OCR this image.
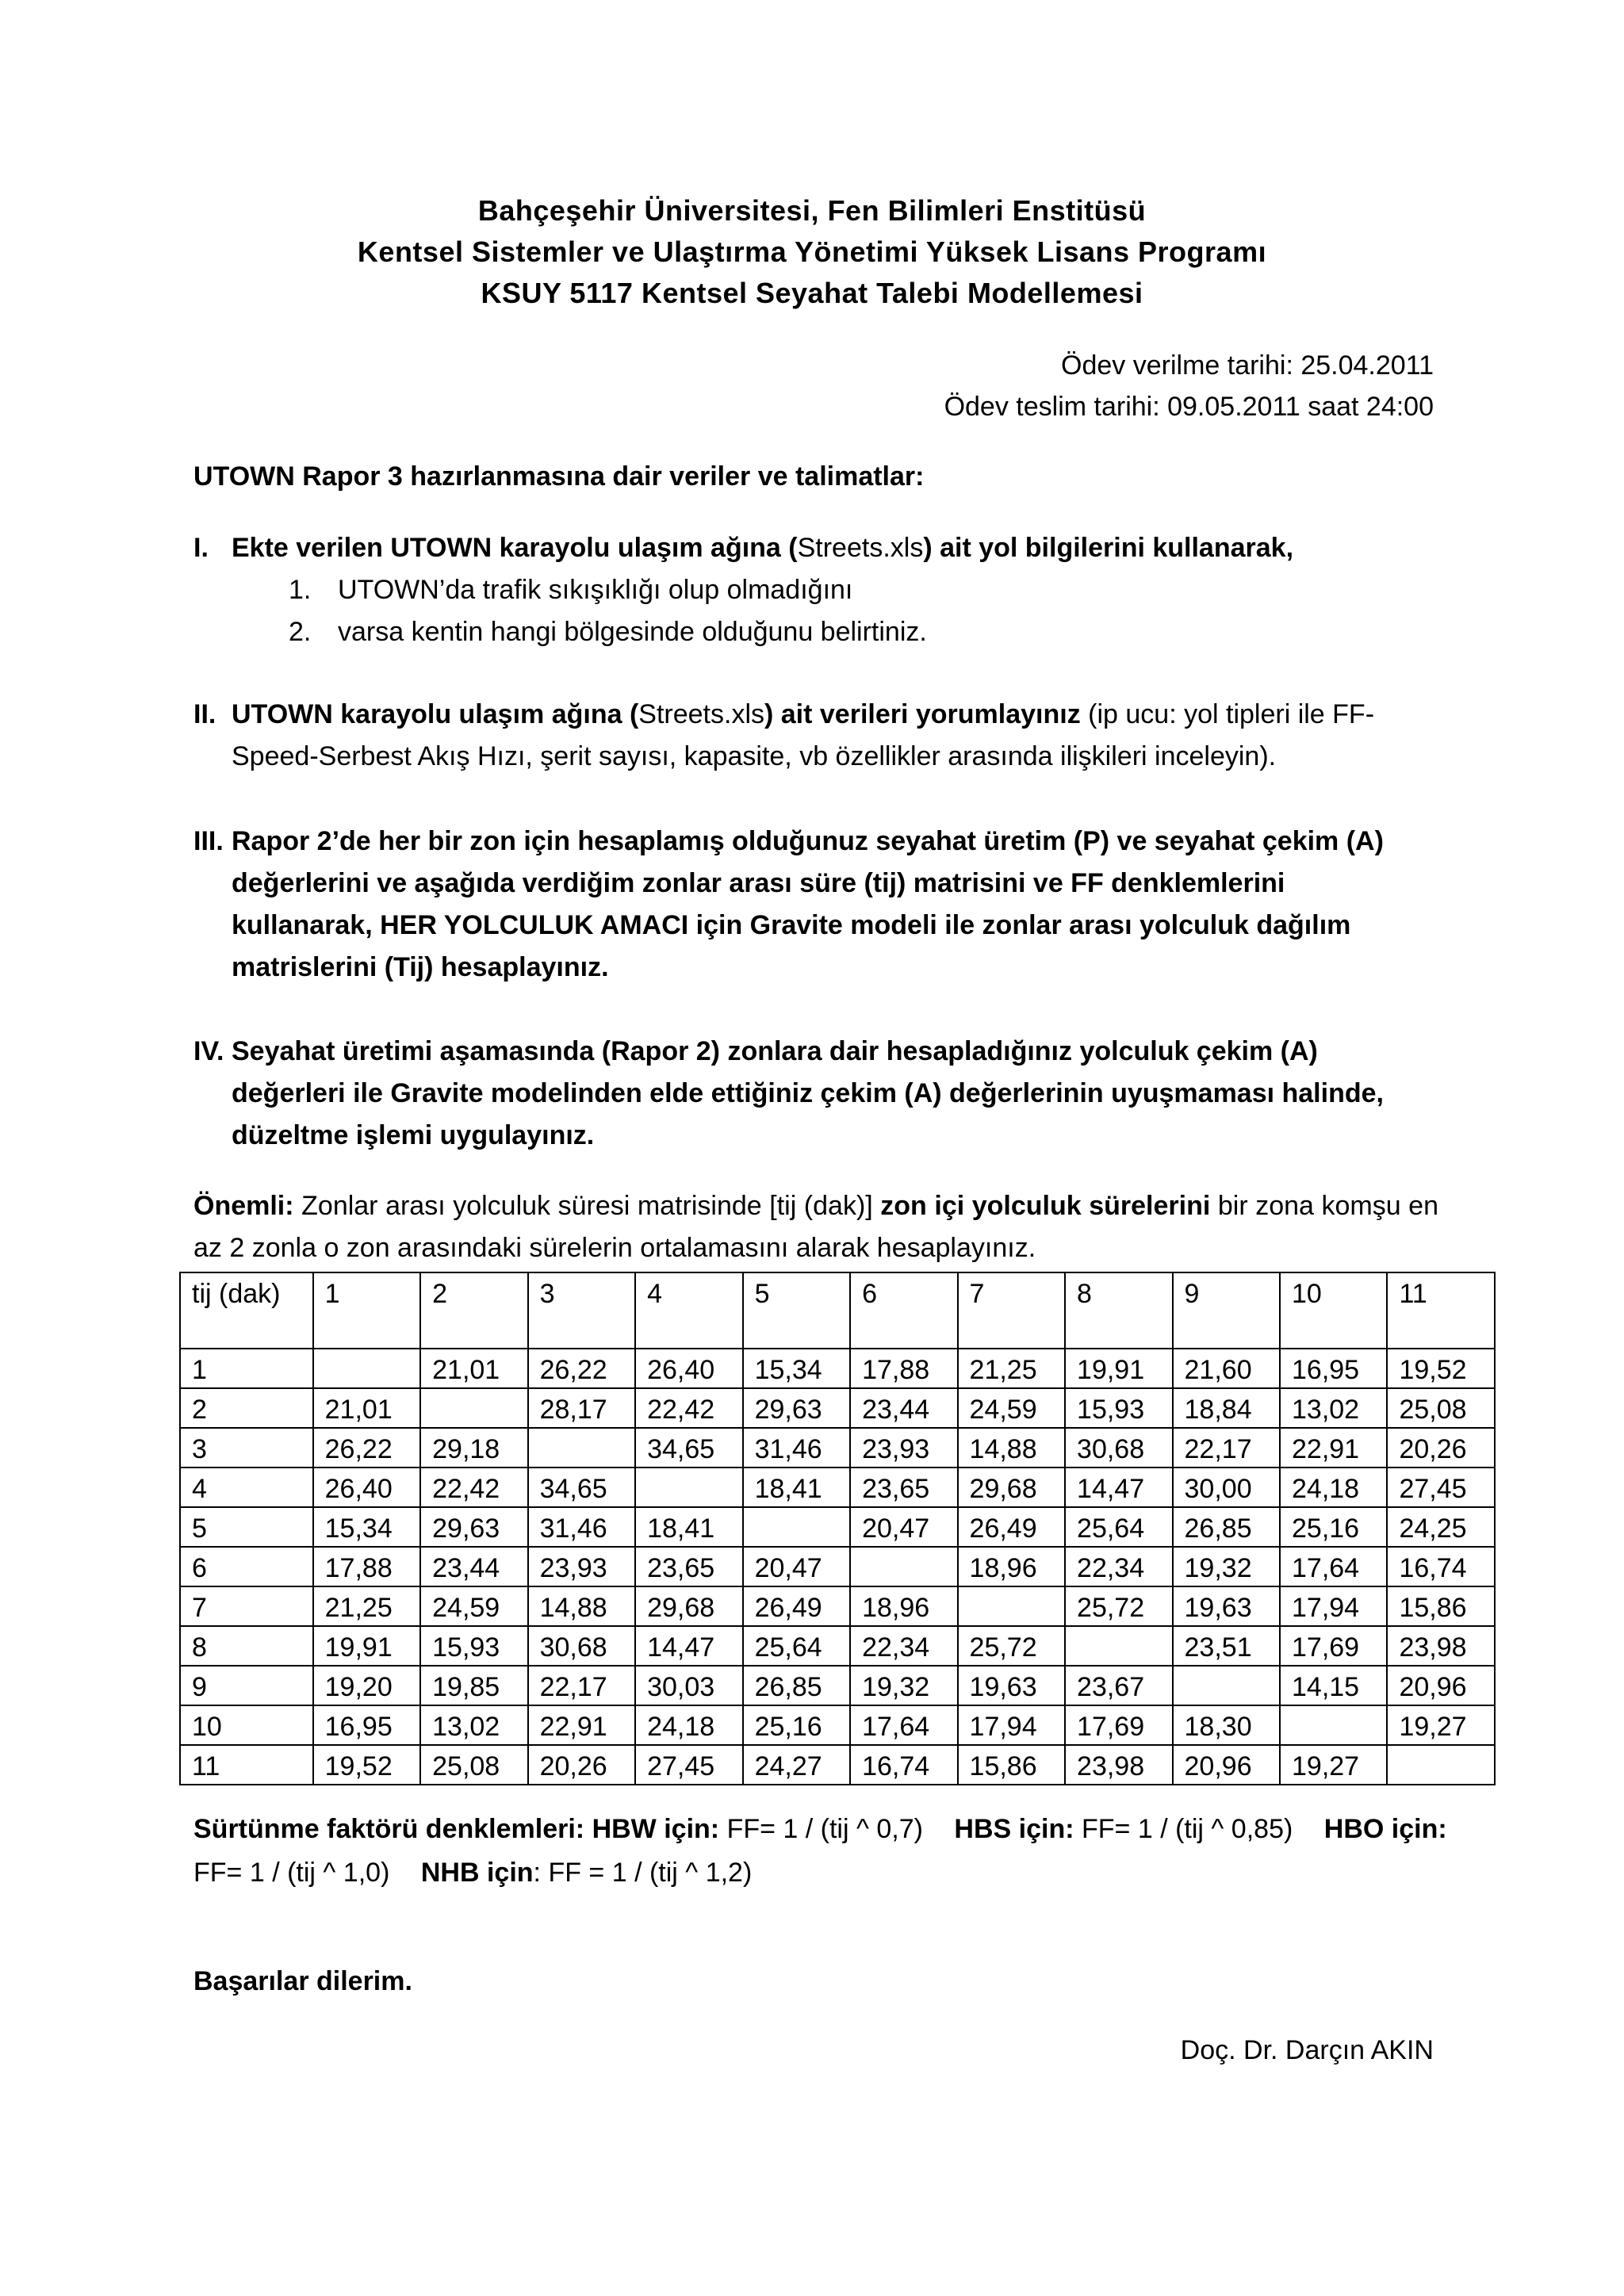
Bahçeşehir Üniversitesi, Fen Bilimleri Enstitüsü
Kentsel Sistemler ve Ulaştırma Yönetimi Yüksek Lisans Programı
KSUY 5117 Kentsel Seyahat Talebi Modellemesi
Ödev verilme tarihi: 25.04.2011
Ödev teslim tarihi: 09.05.2011 saat 24:00
UTOWN Rapor 3 hazırlanmasına dair veriler ve talimatlar:
I. Ekte verilen UTOWN karayolu ulaşım ağına (Streets.xls) ait yol bilgilerini kullanarak,
1. UTOWN’da trafik sıkışıklığı olup olmadığını
2. varsa kentin hangi bölgesinde olduğunu belirtiniz.
II. UTOWN karayolu ulaşım ağına (Streets.xls) ait verileri yorumlayınız (ip ucu: yol tipleri ile FF-Speed-Serbest Akış Hızı, şerit sayısı, kapasite, vb özellikler arasında ilişkileri inceleyin).
III. Rapor 2’de her bir zon için hesaplamış olduğunuz seyahat üretim (P) ve seyahat çekim (A) değerlerini ve aşağıda verdiğim zonlar arası süre (tij) matrisini ve FF denklemlerini kullanarak, HER YOLCULUK AMACI için Gravite modeli ile zonlar arası yolculuk dağılım matrislerini (Tij) hesaplayınız.
IV. Seyahat üretimi aşamasında (Rapor 2) zonlara dair hesapladığınız yolculuk çekim (A) değerleri ile Gravite modelinden elde ettiğiniz çekim (A) değerlerinin uyuşmaması halinde, düzeltme işlemi uygulayınız.
Önemli: Zonlar arası yolculuk süresi matrisinde [tij (dak)] zon içi yolculuk sürelerini bir zona komşu en az 2 zonla o zon arasındaki sürelerin ortalamasını alarak hesaplayınız.
tij (dak)	1	2	3	4	5	6	7	8	9	10	11
1		21,01	26,22	26,40	15,34	17,88	21,25	19,91	21,60	16,95	19,52
2	21,01		28,17	22,42	29,63	23,44	24,59	15,93	18,84	13,02	25,08
3	26,22	29,18		34,65	31,46	23,93	14,88	30,68	22,17	22,91	20,26
4	26,40	22,42	34,65		18,41	23,65	29,68	14,47	30,00	24,18	27,45
5	15,34	29,63	31,46	18,41		20,47	26,49	25,64	26,85	25,16	24,25
6	17,88	23,44	23,93	23,65	20,47		18,96	22,34	19,32	17,64	16,74
7	21,25	24,59	14,88	29,68	26,49	18,96		25,72	19,63	17,94	15,86
8	19,91	15,93	30,68	14,47	25,64	22,34	25,72		23,51	17,69	23,98
9	19,20	19,85	22,17	30,03	26,85	19,32	19,63	23,67		14,15	20,96
10	16,95	13,02	22,91	24,18	25,16	17,64	17,94	17,69	18,30		19,27
11	19,52	25,08	20,26	27,45	24,27	16,74	15,86	23,98	20,96	19,27	
Sürtünme faktörü denklemleri: HBW için: FF= 1 / (tij ^ 0,7) HBS için: FF= 1 / (tij ^ 0,85) HBO için: FF= 1 / (tij ^ 1,0) NHB için: FF = 1 / (tij ^ 1,2)
Başarılar dilerim.
Doç. Dr. Darçın AKIN
